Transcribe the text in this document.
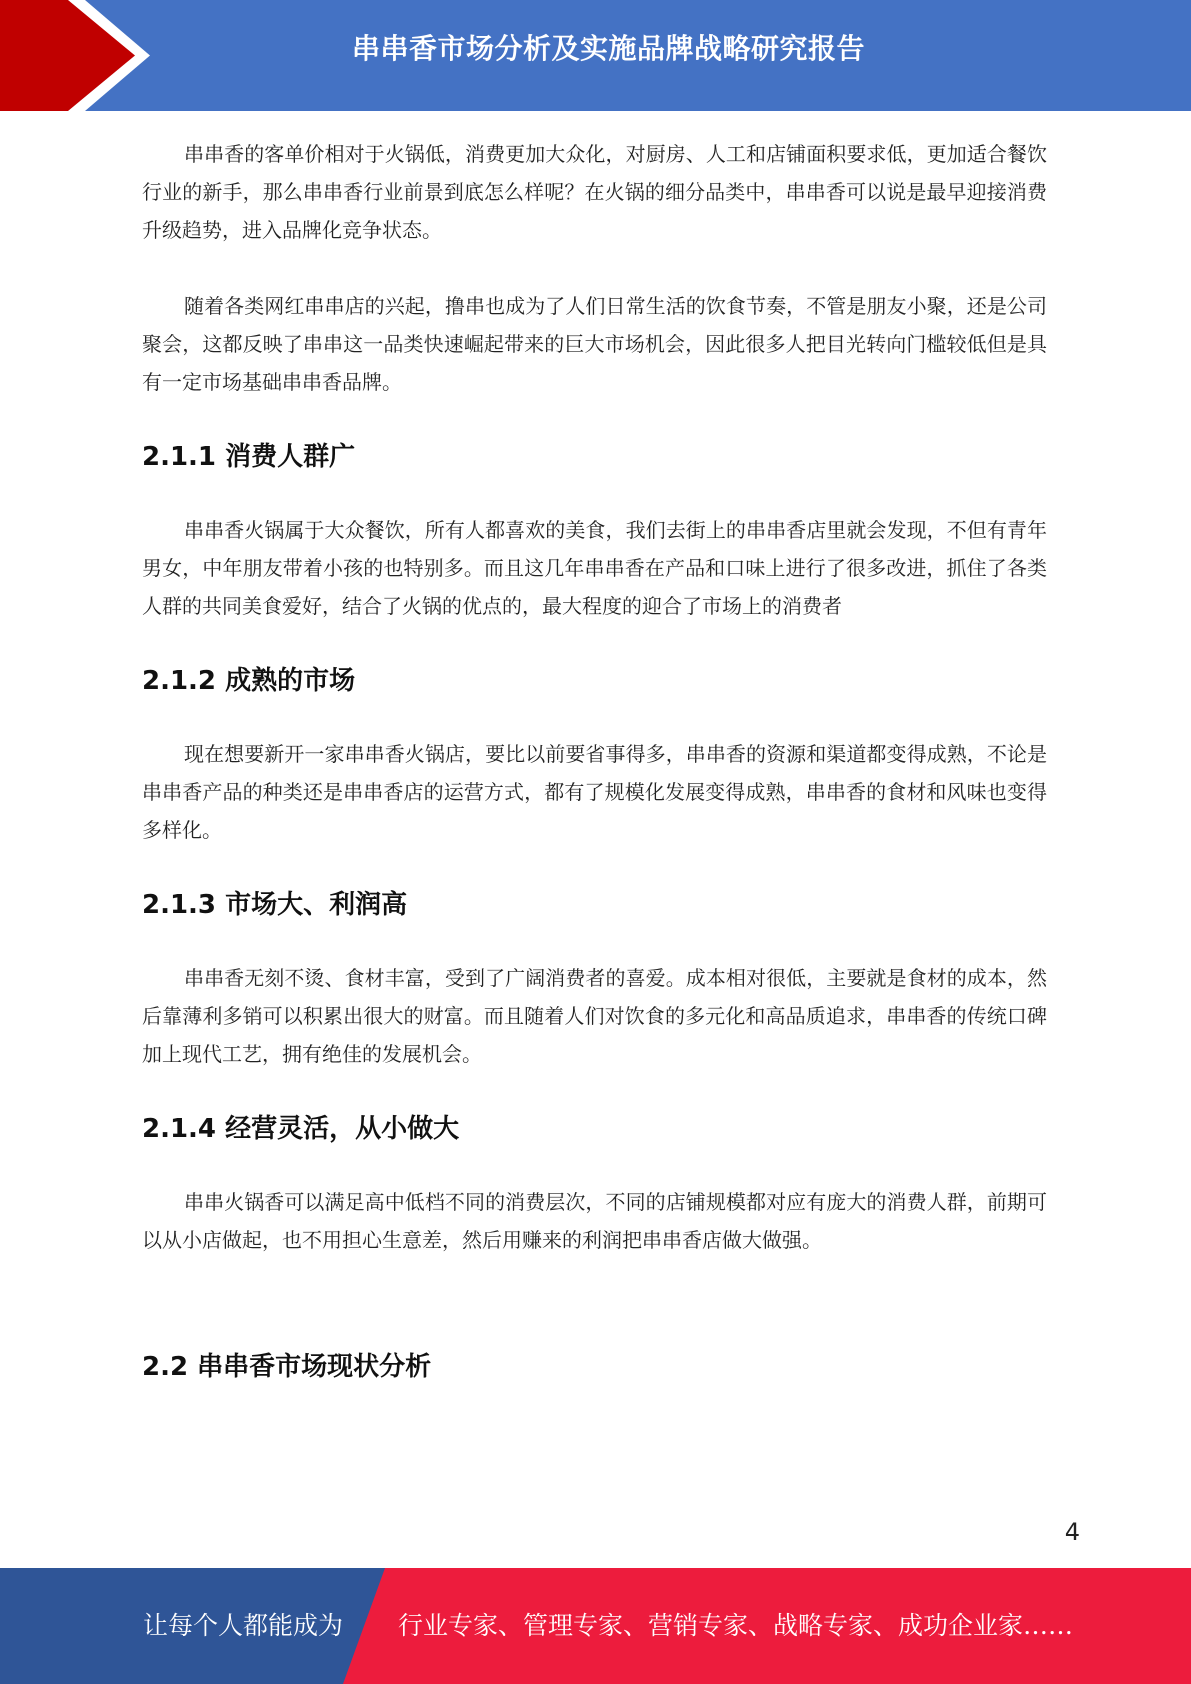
串串香市场分析及实施品牌战略研究报告

串串香的客单价相对于火锅低，消费更加大众化，对厨房、人工和店铺面积要求低，更加适合餐饮行业的新手，那么串串香行业前景到底怎么样呢？在火锅的细分品类中，串串香可以说是最早迎接消费升级趋势，进入品牌化竞争状态。

随着各类网红串串店的兴起，撸串也成为了人们日常生活的饮食节奏，不管是朋友小聚，还是公司聚会，这都反映了串串这一品类快速崛起带来的巨大市场机会，因此很多人把目光转向门槛较低但是具有一定市场基础串串香品牌。

2.1.1 消费人群广

串串香火锅属于大众餐饮，所有人都喜欢的美食，我们去街上的串串香店里就会发现，不但有青年男女，中年朋友带着小孩的也特别多。而且这几年串串香在产品和口味上进行了很多改进，抓住了各类人群的共同美食爱好，结合了火锅的优点的，最大程度的迎合了市场上的消费者

2.1.2 成熟的市场

现在想要新开一家串串香火锅店，要比以前要省事得多，串串香的资源和渠道都变得成熟，不论是串串香产品的种类还是串串香店的运营方式，都有了规模化发展变得成熟，串串香的食材和风味也变得多样化。

2.1.3 市场大、利润高

串串香无刻不烫、食材丰富，受到了广阔消费者的喜爱。成本相对很低，主要就是食材的成本，然后靠薄利多销可以积累出很大的财富。而且随着人们对饮食的多元化和高品质追求，串串香的传统口碑加上现代工艺，拥有绝佳的发展机会。

2.1.4 经营灵活，从小做大

串串火锅香可以满足高中低档不同的消费层次，不同的店铺规模都对应有庞大的消费人群，前期可以从小店做起，也不用担心生意差，然后用赚来的利润把串串香店做大做强。

2.2 串串香市场现状分析
4
让每个人都能成为 行业专家、管理专家、营销专家、战略专家、成功企业家……
